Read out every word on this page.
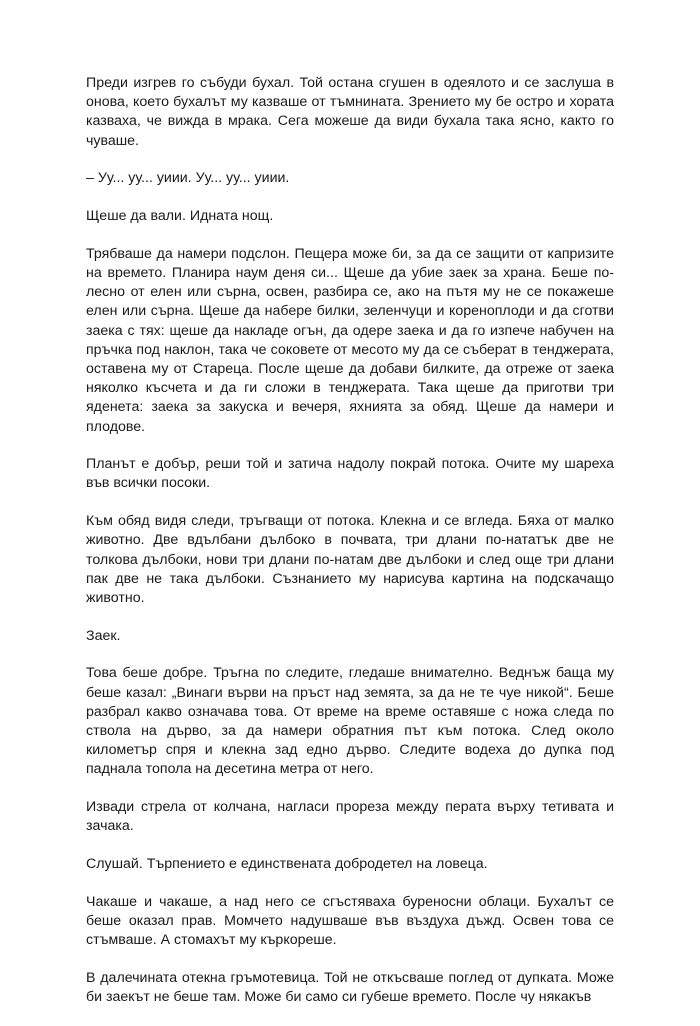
Преди изгрев го събуди бухал. Той остана сгушен в одеялото и се заслуша в онова, което бухалът му казваше от тъмнината. Зрението му бе остро и хората казваха, че вижда в мрака. Сега можеше да види бухала така ясно, както го чуваше.

– Уу... уу... уиии. Уу... уу... уиии.

Щеше да вали. Идната нощ.

Трябваше да намери подслон. Пещера може би, за да се защити от капризите на времето. Планира наум деня си... Щеше да убие заек за храна. Беше по-лесно от елен или сърна, освен, разбира се, ако на пътя му не се покажеше елен или сърна. Щеше да набере билки, зеленчуци и кореноплоди и да сготви заека с тях: щеше да накладе огън, да одере заека и да го изпече набучен на пръчка под наклон, така че соковете от месото му да се съберат в тенджерата, оставена му от Стареца. После щеше да добави билките, да отреже от заека няколко късчета и да ги сложи в тенджерата. Така щеше да приготви три яденета: заека за закуска и вечеря, яхнията за обяд. Щеше да намери и плодове.

Планът е добър, реши той и затича надолу покрай потока. Очите му шареха във всички посоки.

Към обяд видя следи, тръгващи от потока. Клекна и се вгледа. Бяха от малко животно. Две вдълбани дълбоко в почвата, три длани по-нататък две не толкова дълбоки, нови три длани по-натам две дълбоки и след още три длани пак две не така дълбоки. Съзнанието му нарисува картина на подскачащо животно.

Заек.

Това беше добре. Тръгна по следите, гледаше внимателно. Веднъж баща му беше казал: „Винаги върви на пръст над земята, за да не те чуе никой“. Беше разбрал какво означава това. От време на време оставяше с ножа следа по ствола на дърво, за да намери обратния път към потока. След около километър спря и клекна зад едно дърво. Следите водеха до дупка под паднала топола на десетина метра от него.

Извади стрела от колчана, нагласи прореза между перата върху тетивата и зачака.

Слушай. Търпението е единствената добродетел на ловеца.

Чакаше и чакаше, а над него се сгъстяваха буреносни облаци. Бухалът се беше оказал прав. Момчето надушваше във въздуха дъжд. Освен това се стъмваше. А стомахът му къркореше.

В далечината отекна гръмотевица. Той не откъсваше поглед от дупката. Може би заекът не беше там. Може би само си губеше времето. После чу някакъв
